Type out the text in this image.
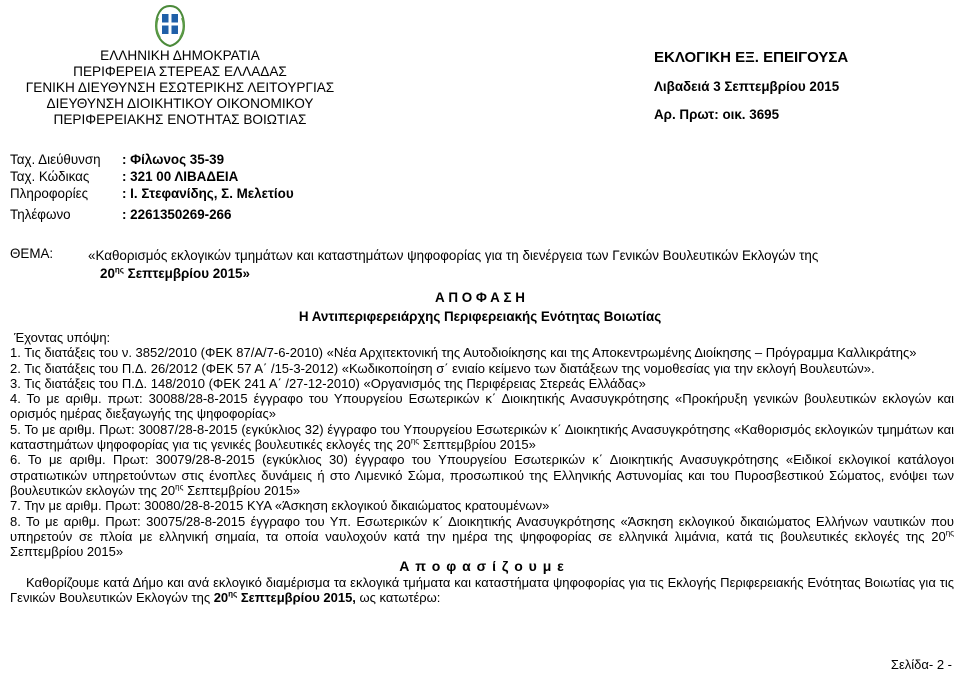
ΕΛΛΗΝΙΚΗ ΔΗΜΟΚΡΑΤΙΑ
ΠΕΡΙΦΕΡΕΙΑ ΣΤΕΡΕΑΣ ΕΛΛΑΔΑΣ
ΓΕΝΙΚΗ ΔΙΕΥΘΥΝΣΗ ΕΣΩΤΕΡΙΚΗΣ ΛΕΙΤΟΥΡΓΙΑΣ
ΔΙΕΥΘΥΝΣΗ ΔΙΟΙΚΗΤΙΚΟΥ ΟΙΚΟΝΟΜΙΚΟΥ
ΠΕΡΙΦΕΡΕΙΑΚΗΣ ΕΝΟΤΗΤΑΣ ΒΟΙΩΤΙΑΣ
ΕΚΛΟΓΙΚΗ ΕΞ. ΕΠΕΙΓΟΥΣΑ
Λιβαδειά 3 Σεπτεμβρίου 2015
Αρ. Πρωτ: οικ. 3695
Ταχ. Διεύθυνση	: Φίλωνος 35-39
Ταχ. Κώδικας	: 321 00 ΛΙΒΑΔΕΙΑ
Πληροφορίες	: Ι. Στεφανίδης, Σ. Μελετίου
Τηλέφωνο	: 2261350269-266
ΘΕΜΑ:	«Καθορισμός εκλογικών τμημάτων και καταστημάτων ψηφοφορίας για τη διενέργεια των Γενικών Βουλευτικών Εκλογών της
$20^{\eta\varsigma}$ Σεπτεμβρίου 2015»
Α Π Ο Φ Α Σ Η
Η Αντιπεριφερειάρχης Περιφερειακής Ενότητας Βοιωτίας

Έχοντας υπόψη:

1. Τις διατάξεις του ν. 3852/2010 (ΦΕΚ 87/Α/7-6-2010) «Νέα Αρχιτεκτονική της Αυτοδιοίκησης και της Αποκεντρωμένης Διοίκησης – Πρόγραμμα Καλλικράτης»

2. Τις διατάξεις του Π.Δ. 26/2012 (ΦΕΚ 57 Α΄ /15-3-2012) «Κωδικοποίηση σ΄ ενιαίο κείμενο των διατάξεων της νομοθεσίας για την εκλογή Βουλευτών».

3. Τις διατάξεις του Π.Δ. 148/2010 (ΦΕΚ 241 Α΄ /27-12-2010) «Οργανισμός της Περιφέρειας Στερεάς Ελλάδας»

4. Το με αριθμ. πρωτ: 30088/28-8-2015 έγγραφο του Υπουργείου Εσωτερικών κ΄ Διοικητικής Ανασυγκρότησης «Προκήρυξη γενικών βουλευτικών εκλογών και ορισμός ημέρας διεξαγωγής της ψηφοφορίας»

5. Το με αριθμ. Πρωτ: 30087/28-8-2015 (εγκύκλιος 32) έγγραφο του Υπουργείου Εσωτερικών κ΄ Διοικητικής Ανασυγκρότησης «Καθορισμός εκλογικών τμημάτων και καταστημάτων ψηφοφορίας για τις γενικές βουλευτικές εκλογές της $20^{\eta\varsigma}$ Σεπτεμβρίου 2015»

6. Το με αριθμ. Πρωτ: 30079/28-8-2015 (εγκύκλιος 30) έγγραφο του Υπουργείου Εσωτερικών κ΄ Διοικητικής Ανασυγκρότησης «Ειδικοί εκλογικοί κατάλογοι στρατιωτικών υπηρετούντων στις ένοπλες δυνάμεις ή στο Λιμενικό Σώμα, προσωπικού της Ελληνικής Αστυνομίας και του Πυροσβεστικού Σώματος, ενόψει των βουλευτικών εκλογών της $20^{\eta\varsigma}$ Σεπτεμβρίου 2015»

7. Την με αριθμ. Πρωτ: 30080/28-8-2015 ΚΥΑ «Άσκηση εκλογικού δικαιώματος κρατουμένων»

8. Το με αριθμ. Πρωτ: 30075/28-8-2015 έγγραφο του Υπ. Εσωτερικών κ΄ Διοικητικής Ανασυγκρότησης «Άσκηση εκλογικού δικαιώματος Ελλήνων ναυτικών που υπηρετούν σε πλοία με ελληνική σημαία, τα οποία ναυλοχούν κατά την ημέρα της ψηφοφορίας σε ελληνικά λιμάνια, κατά τις βουλευτικές εκλογές της $20^{\eta\varsigma}$ Σεπτεμβρίου 2015»

Α π ο φ α σ ί ζ ο υ μ ε

Καθορίζουμε κατά Δήμο και ανά εκλογικό διαμέρισμα τα εκλογικά τμήματα και καταστήματα ψηφοφορίας για τις Εκλογής Περιφερειακής Ενότητας Βοιωτίας για τις Γενικών Βουλευτικών Εκλογών της $20^{\eta\varsigma}$ Σεπτεμβρίου 2015, ως κατωτέρω:

Σελίδα- 2 -
